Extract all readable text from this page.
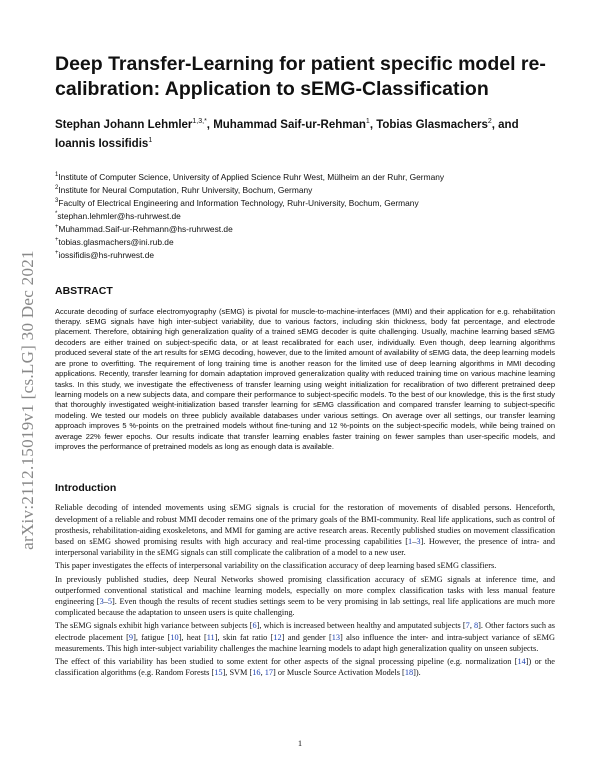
arXiv:2112.15019v1 [cs.LG] 30 Dec 2021
Deep Transfer-Learning for patient specific model re-calibration: Application to sEMG-Classification
Stephan Johann Lehmler$^{1,3,*}$, Muhammad Saif-ur-Rehman$^1$, Tobias Glasmachers$^2$, and Ioannis Iossifidis$^1$
$^1$Institute of Computer Science, University of Applied Science Ruhr West, Mülheim an der Ruhr, Germany
$^2$Institute for Neural Computation, Ruhr University, Bochum, Germany
$^3$Faculty of Electrical Engineering and Information Technology, Ruhr-University, Bochum, Germany
*stephan.lehmler@hs-ruhrwest.de
+Muhammad.Saif-ur-Rehmann@hs-ruhrwest.de
+tobias.glasmachers@ini.rub.de
+iossifidis@hs-ruhrwest.de
ABSTRACT
Accurate decoding of surface electromyography (sEMG) is pivotal for muscle-to-machine-interfaces (MMI) and their application for e.g. rehabilitation therapy. sEMG signals have high inter-subject variability, due to various factors, including skin thickness, body fat percentage, and electrode placement. Therefore, obtaining high generalization quality of a trained sEMG decoder is quite challenging. Usually, machine learning based sEMG decoders are either trained on subject-specific data, or at least recalibrated for each user, individually. Even though, deep learning algorithms produced several state of the art results for sEMG decoding, however, due to the limited amount of availability of sEMG data, the deep learning models are prone to overfitting. The requirement of long training time is another reason for the limited use of deep learning algorithms in MMI decoding applications. Recently, transfer learning for domain adaptation improved generalization quality with reduced training time on various machine learning tasks. In this study, we investigate the effectiveness of transfer learning using weight initialization for recalibration of two different pretrained deep learning models on a new subjects data, and compare their performance to subject-specific models. To the best of our knowledge, this is the first study that thoroughly investigated weight-initialization based transfer learning for sEMG classification and compared transfer learning to subject-specific modeling. We tested our models on three publicly available databases under various settings. On average over all settings, our transfer learning approach improves 5 %-points on the pretrained models without fine-tuning and 12 %-points on the subject-specific models, while being trained on average 22% fewer epochs. Our results indicate that transfer learning enables faster training on fewer samples than user-specific models, and improves the performance of pretrained models as long as enough data is available.
Introduction

Reliable decoding of intended movements using sEMG signals is crucial for the restoration of movements of disabled persons. Henceforth, development of a reliable and robust MMI decoder remains one of the primary goals of the BMI-community. Real life applications, such as control of prosthesis, rehabilitation-aiding exoskeletons, and MMI for gaming are active research areas. Recently published studies on movement classification based on sEMG showed promising results with high accuracy and real-time processing capabilities [1–3]. However, the presence of intra- and interpersonal variability in the sEMG signals can still complicate the calibration of a model to a new user.

This paper investigates the effects of interpersonal variability on the classification accuracy of deep learning based sEMG classifiers.

In previously published studies, deep Neural Networks showed promising classification accuracy of sEMG signals at inference time, and outperformed conventional statistical and machine learning models, especially on more complex classification tasks with less manual feature engineering [3–5]. Even though the results of recent studies settings seem to be very promising in lab settings, real life applications are much more complicated because the adaptation to unseen users is quite challenging.

The sEMG signals exhibit high variance between subjects [6], which is increased between healthy and amputated subjects [7, 8]. Other factors such as electrode placement [9], fatigue [10], heat [11], skin fat ratio [12] and gender [13] also influence the inter- and intra-subject variance of sEMG measurements. This high inter-subject variability challenges the machine learning models to adapt high generalization quality on unseen subjects.

The effect of this variability has been studied to some extent for other aspects of the signal processing pipeline (e.g. normalization [14]) or the classification algorithms (e.g. Random Forests [15], SVM [16, 17] or Muscle Source Activation Models [18]).

1
